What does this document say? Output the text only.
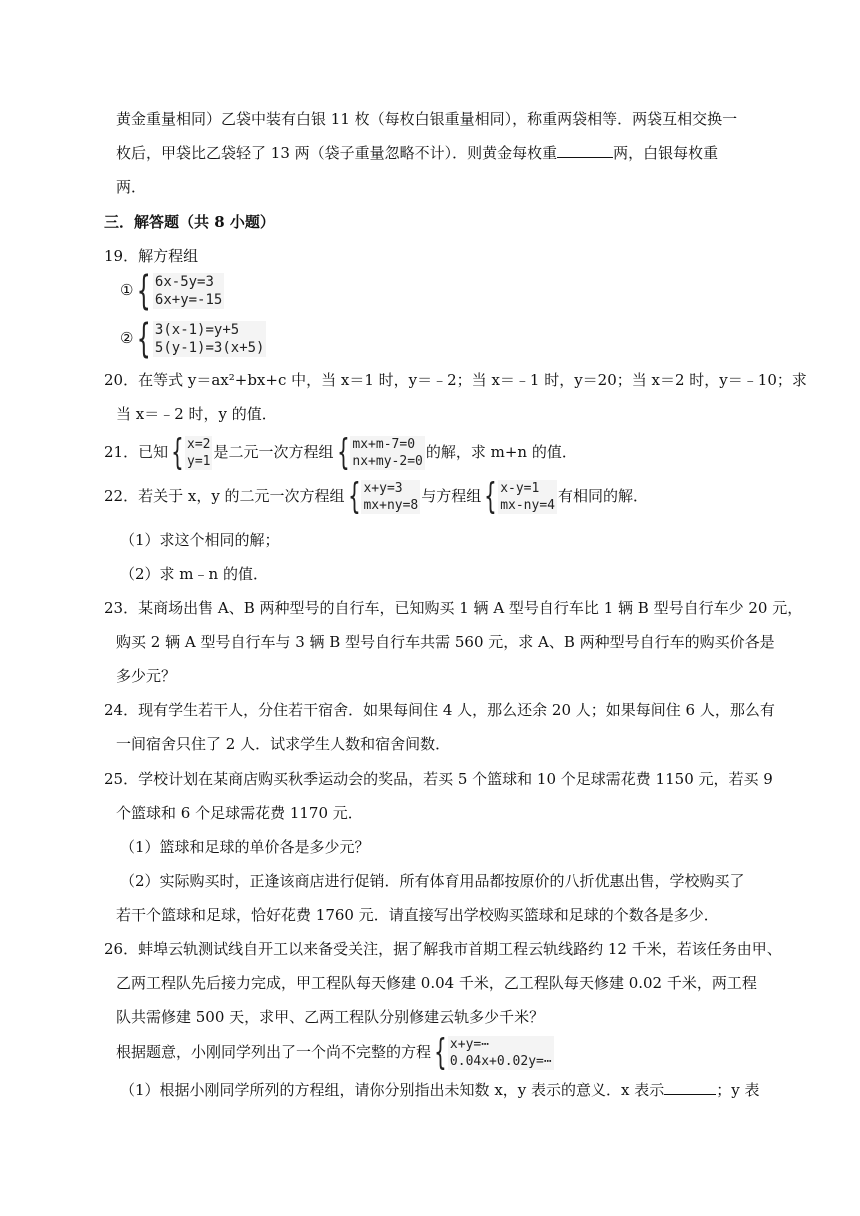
黄金重量相同）乙袋中装有白银 11 枚（每枚白银重量相同），称重两袋相等．两袋互相交换一
枚后，甲袋比乙袋轻了 13 两（袋子重量忽略不计）．则黄金每枚重	两，白银每枚重
两．
三．解答题（共 8 小题）
19．解方程组
① { 6x-5y=3
6x+y=-15
② { 3(x-1)=y+5
5(y-1)=3(x+5)
20．在等式 y＝ax²+bx+c 中，当 x＝1 时，y＝﹣2；当 x＝﹣1 时，y＝20；当 x＝2 时，y＝﹣10；求
当 x＝﹣2 时，y 的值．
21．已知 { x=2
y=1
是二元一次方程组 { mx+m-7=0
nx+my-2=0
的解，求 m+n 的值．
22．若关于 x，y 的二元一次方程组 { x+y=3
mx+ny=8
与方程组 { x-y=1
mx-ny=4
有相同的解．
（1）求这个相同的解；
（2）求 m﹣n 的值．
23．某商场出售 A、B 两种型号的自行车，已知购买 1 辆 A 型号自行车比 1 辆 B 型号自行车少 20 元，
购买 2 辆 A 型号自行车与 3 辆 B 型号自行车共需 560 元，求 A、B 两种型号自行车的购买价各是
多少元？
24．现有学生若干人，分住若干宿舍．如果每间住 4 人，那么还余 20 人；如果每间住 6 人，那么有
一间宿舍只住了 2 人．试求学生人数和宿舍间数．
25．学校计划在某商店购买秋季运动会的奖品，若买 5 个篮球和 10 个足球需花费 1150 元，若买 9
个篮球和 6 个足球需花费 1170 元．
（1）篮球和足球的单价各是多少元？
（2）实际购买时，正逢该商店进行促销．所有体育用品都按原价的八折优惠出售，学校购买了
若干个篮球和足球，恰好花费 1760 元．请直接写出学校购买篮球和足球的个数各是多少．
26．蚌埠云轨测试线自开工以来备受关注，据了解我市首期工程云轨线路约 12 千米，若该任务由甲、
乙两工程队先后接力完成，甲工程队每天修建 0.04 千米，乙工程队每天修建 0.02 千米，两工程
队共需修建 500 天，求甲、乙两工程队分别修建云轨多少千米？
根据题意，小刚同学列出了一个尚不完整的方程 { x+y=⋯
0.04x+0.02y=⋯
（1）根据小刚同学所列的方程组，请你分别指出未知数 x，y 表示的意义．x 表示	；y 表
